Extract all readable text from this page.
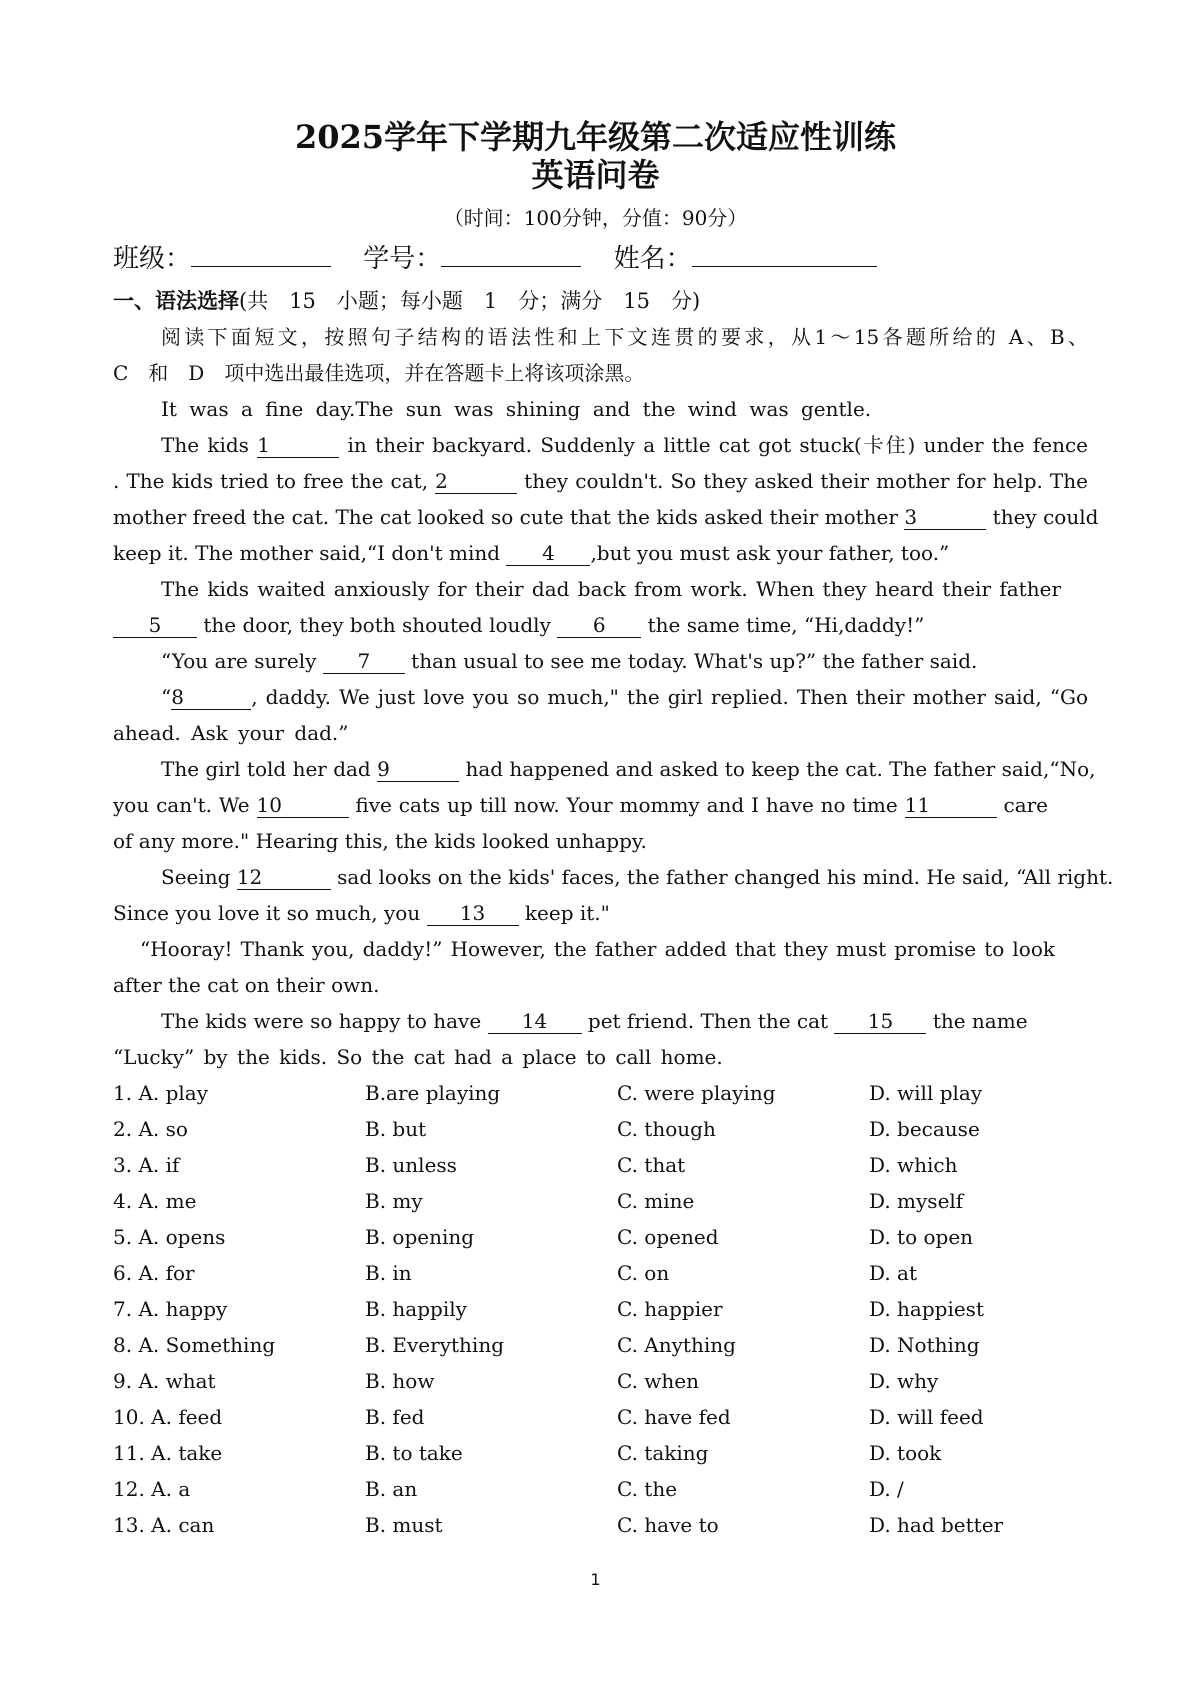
2025学年下学期九年级第二次适应性训练
英语问卷
（时间：100分钟，分值：90分）
班级：	学号：	姓名：
一、语法选择(共　15　小题；每小题　1　分；满分　15　分)
阅读下面短文，按照句子结构的语法性和上下文连贯的要求，从1～15各题所给的 A、B、
C　和　D　项中选出最佳选项，并在答题卡上将该项涂黑。
It was a fine day.The sun was shining and the wind was gentle.
The kids 1	in their backyard. Suddenly a little cat got stuck(卡住) under the fence
. The kids tried to free the cat, 2	they couldn't. So they asked their mother for help. The
mother freed the cat. The cat looked so cute that the kids asked their mother 3	they could
keep it. The mother said,“I don't mind 4 ,but you must ask your father, too.”
The kids waited anxiously for their dad back from work. When they heard their father
5 the door, they both shouted loudly 6 the same time, “Hi,daddy!”
“You are surely 7 than usual to see me today. What's up?” the father said.
“8	, daddy. We just love you so much," the girl replied. Then their mother said, “Go
ahead. Ask your dad.”
The girl told her dad 9	had happened and asked to keep the cat. The father said,“No,
you can't. We 10	five cats up till now. Your mommy and I have no time 11	care
of any more." Hearing this, the kids looked unhappy.
Seeing 12	sad looks on the kids' faces, the father changed his mind. He said, “All right.
Since you love it so much, you 13 keep it."
“Hooray! Thank you, daddy!” However, the father added that they must promise to look
after the cat on their own.
The kids were so happy to have 14 pet friend. Then the cat 15 the name
“Lucky” by the kids. So the cat had a place to call home.
1. A. play	B.are playing	C. were playing	D. will play
2. A. so	B. but	C. though	D. because
3. A. if	B. unless	C. that	D. which
4. A. me	B. my	C. mine	D. myself
5. A. opens	B. opening	C. opened	D. to open
6. A. for	B. in	C. on	D. at
7. A. happy	B. happily	C. happier	D. happiest
8. A. Something	B. Everything	C. Anything	D. Nothing
9. A. what	B. how	C. when	D. why
10. A. feed	B. fed	C. have fed	D. will feed
11. A. take	B. to take	C. taking	D. took
12. A. a	B. an	C. the	D. /
13. A. can	B. must	C. have to	D. had better
1
